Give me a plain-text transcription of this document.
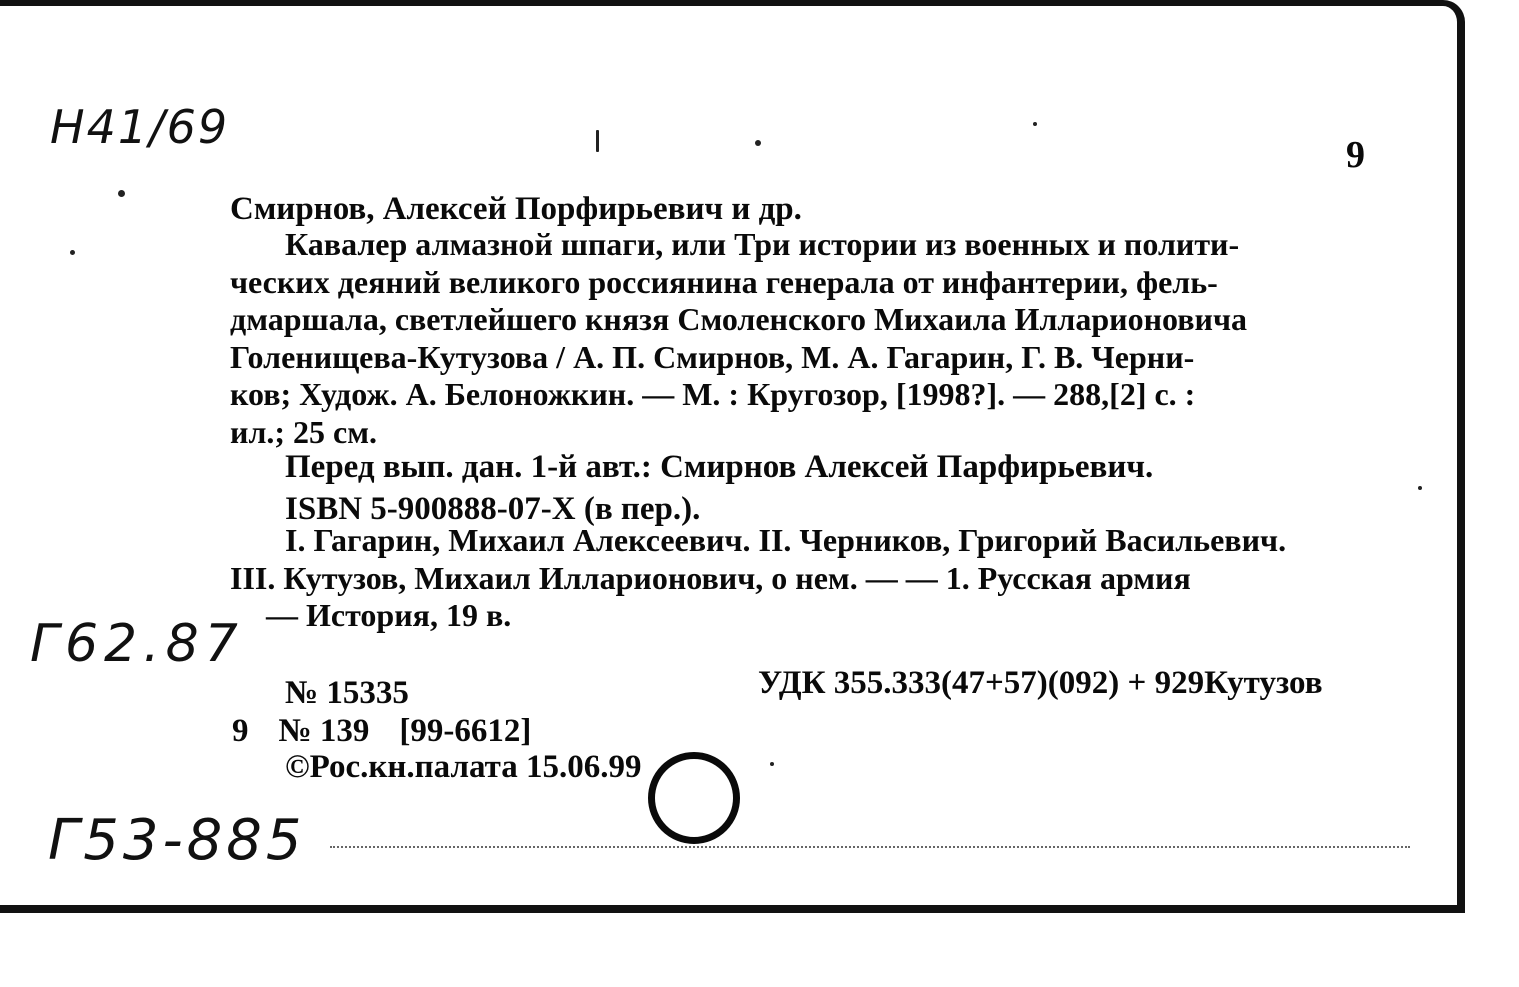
Н41/69
Г62.87
Г53-885
9
Смирнов, Алексей Порфирьевич и др.
Кавалер алмазной шпаги, или Три истории из военных и полити-
ческих деяний великого россиянина генерала от инфантерии, фель-
дмаршала, светлейшего князя Смоленского Михаила Илларионовича
Голенищева-Кутузова / А. П. Смирнов, М. А. Гагарин, Г. В. Черни-
ков; Худож. А. Белоножкин. — М. : Кругозор, [1998?]. — 288,[2] с. :
ил.; 25 см.
Перед вып. дан. 1-й авт.: Смирнов Алексей Парфирьевич.
ISBN 5-900888-07-X (в пер.).
I. Гагарин, Михаил Алексеевич. II. Черников, Григорий Васильевич.
III. Кутузов, Михаил Илларионович, о нем. — — 1. Русская армия
— История, 19 в.
№ 15335	УДК 355.333(47+57)(092) + 929Кутузов
9 № 139 [99-6612]
©Рос.кн.палата 15.06.99
